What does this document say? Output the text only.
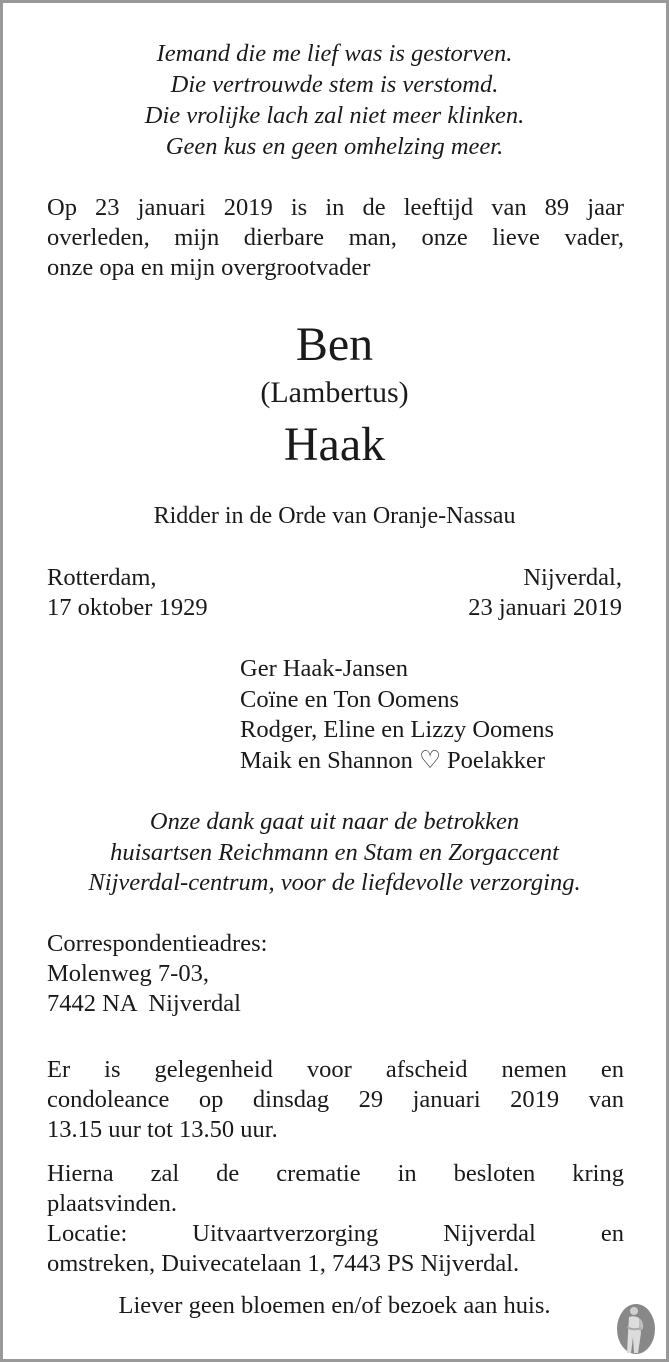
Iemand die me lief was is gestorven.
Die vertrouwde stem is verstomd.
Die vrolijke lach zal niet meer klinken.
Geen kus en geen omhelzing meer.
Op 23 januari 2019 is in de leeftijd van 89 jaar
overleden, mijn dierbare man, onze lieve vader,
onze opa en mijn overgrootvader
Ben
(Lambertus)
Haak
Ridder in de Orde van Oranje-Nassau
Rotterdam,
17 oktober 1929
Nijverdal,
23 januari 2019
Ger Haak-Jansen
Coïne en Ton Oomens
Rodger, Eline en Lizzy Oomens
Maik en Shannon ♡ Poelakker
Onze dank gaat uit naar de betrokken
huisartsen Reichmann en Stam en Zorgaccent
Nijverdal-centrum, voor de liefdevolle verzorging.
Correspondentieadres:
Molenweg 7-03,
7442 NA  Nijverdal
Er is gelegenheid voor afscheid nemen en
condoleance op dinsdag 29 januari 2019 van
13.15 uur tot 13.50 uur.
Hierna zal de crematie in besloten kring
plaatsvinden.
Locatie: Uitvaartverzorging Nijverdal en
omstreken, Duivecatelaan 1, 7443 PS Nijverdal.
Liever geen bloemen en/of bezoek aan huis.
